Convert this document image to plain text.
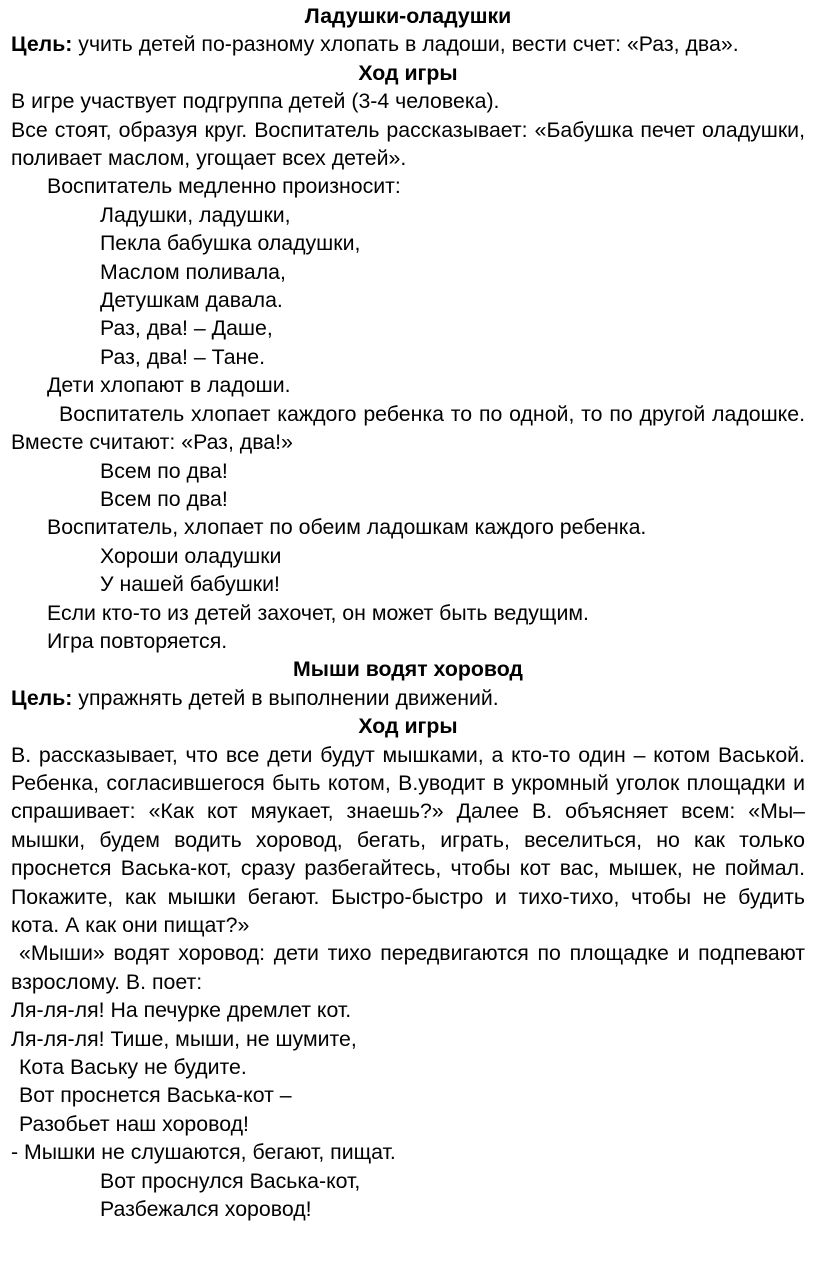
Ладушки-оладушки

Цель: учить детей по-разному хлопать в ладоши, вести счет: «Раз, два».

Ход игры

В игре участвует подгруппа детей (3-4 человека).

Все стоят, образуя круг. Воспитатель рассказывает: «Бабушка печет оладушки, поливает маслом, угощает всех детей».

Воспитатель медленно произносит:

Ладушки, ладушки,

Пекла бабушка оладушки,

Маслом поливала,

Детушкам давала.

Раз, два! – Даше,

Раз, два! – Тане.

Дети хлопают в ладоши.

Воспитатель хлопает каждого ребенка то по одной, то по другой ладошке. Вместе считают: «Раз, два!»

Всем по два!

Всем по два!

Воспитатель, хлопает по обеим ладошкам каждого ребенка.

Хороши оладушки

У нашей бабушки!

Если кто-то из детей захочет, он может быть ведущим.

Игра повторяется.

Мыши водят хоровод

Цель: упражнять детей в выполнении движений.

Ход игры

В. рассказывает, что все дети будут мышками, а кто-то один – котом Васькой. Ребенка, согласившегося быть котом, В.уводит в укромный уголок площадки и спрашивает: «Как кот мяукает, знаешь?» Далее В. объясняет всем: «Мы– мышки, будем водить хоровод, бегать, играть, веселиться, но как только проснется Васька-кот, сразу разбегайтесь, чтобы кот вас, мышек, не поймал. Покажите, как мышки бегают. Быстро-быстро и тихо-тихо, чтобы не будить кота. А как они пищат?»

«Мыши» водят хоровод: дети тихо передвигаются по площадке и подпевают взрослому. В. поет:

Ля-ля-ля! На печурке дремлет кот.

Ля-ля-ля! Тише, мыши, не шумите,

Кота Ваську не будите.

Вот проснется Васька-кот –

Разобьет наш хоровод!

- Мышки не слушаются, бегают, пищат.

Вот проснулся Васька-кот,

Разбежался хоровод!
